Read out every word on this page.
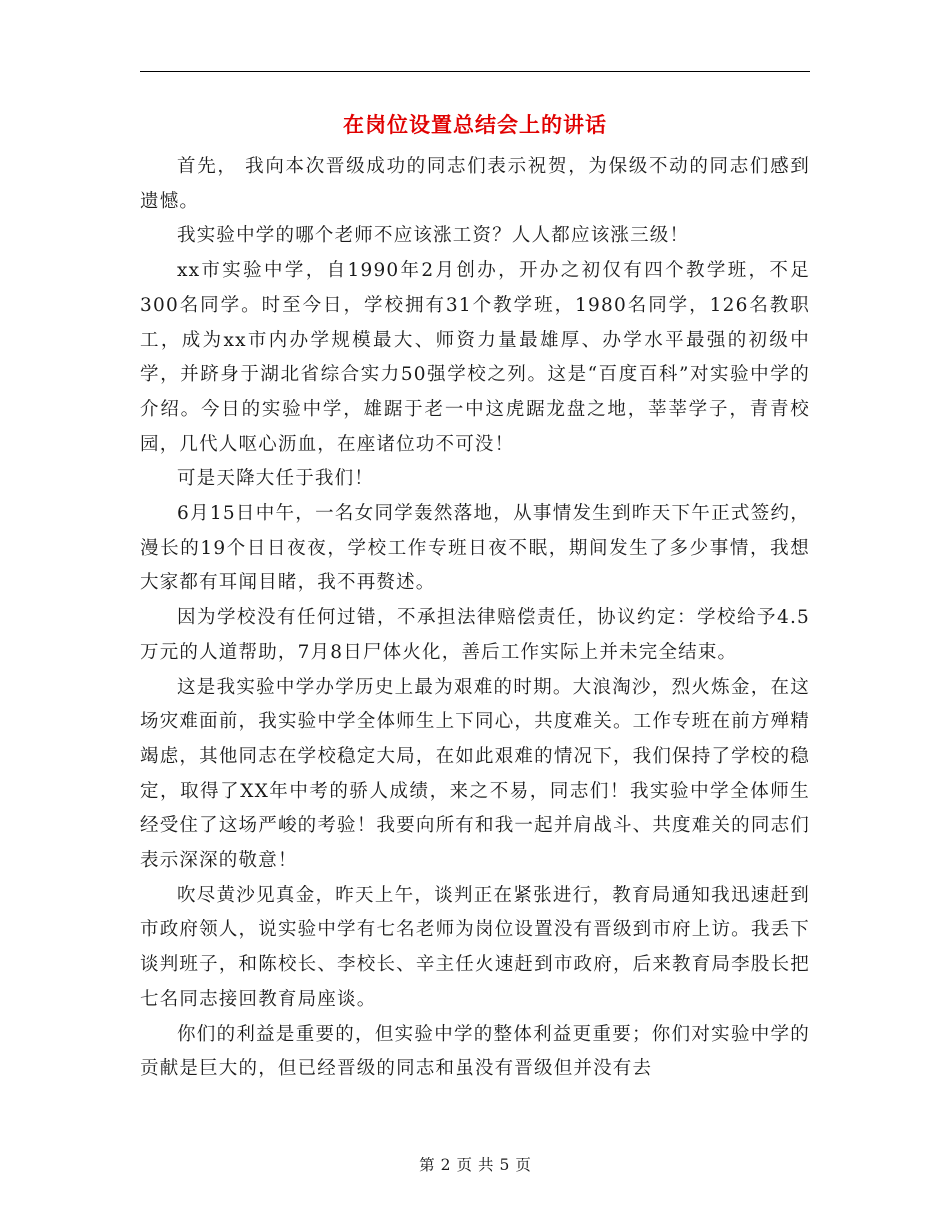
在岗位设置总结会上的讲话

首先， 我向本次晋级成功的同志们表示祝贺，为保级不动的同志们感到遗憾。

我实验中学的哪个老师不应该涨工资？人人都应该涨三级！

xx市实验中学，自1990年2月创办，开办之初仅有四个教学班，不足300名同学。时至今日，学校拥有31个教学班，1980名同学，126名教职工，成为xx市内办学规模最大、师资力量最雄厚、办学水平最强的初级中学，并跻身于湖北省综合实力50强学校之列。这是“百度百科”对实验中学的介绍。今日的实验中学，雄踞于老一中这虎踞龙盘之地，莘莘学子，青青校园，几代人呕心沥血，在座诸位功不可没！

可是天降大任于我们！

6月15日中午，一名女同学轰然落地，从事情发生到昨天下午正式签约，漫长的19个日日夜夜，学校工作专班日夜不眠，期间发生了多少事情，我想大家都有耳闻目睹，我不再赘述。

因为学校没有任何过错，不承担法律赔偿责任，协议约定：学校给予4.5万元的人道帮助，7月8日尸体火化，善后工作实际上并未完全结束。

这是我实验中学办学历史上最为艰难的时期。大浪淘沙，烈火炼金，在这场灾难面前，我实验中学全体师生上下同心，共度难关。工作专班在前方殚精竭虑，其他同志在学校稳定大局，在如此艰难的情况下，我们保持了学校的稳定，取得了XX年中考的骄人成绩，来之不易，同志们！我实验中学全体师生经受住了这场严峻的考验！我要向所有和我一起并肩战斗、共度难关的同志们表示深深的敬意！

吹尽黄沙见真金，昨天上午，谈判正在紧张进行，教育局通知我迅速赶到市政府领人，说实验中学有七名老师为岗位设置没有晋级到市府上访。我丢下谈判班子，和陈校长、李校长、辛主任火速赶到市政府，后来教育局李股长把七名同志接回教育局座谈。

你们的利益是重要的，但实验中学的整体利益更重要；你们对实验中学的贡献是巨大的，但已经晋级的同志和虽没有晋级但并没有去

第 2 页 共 5 页
